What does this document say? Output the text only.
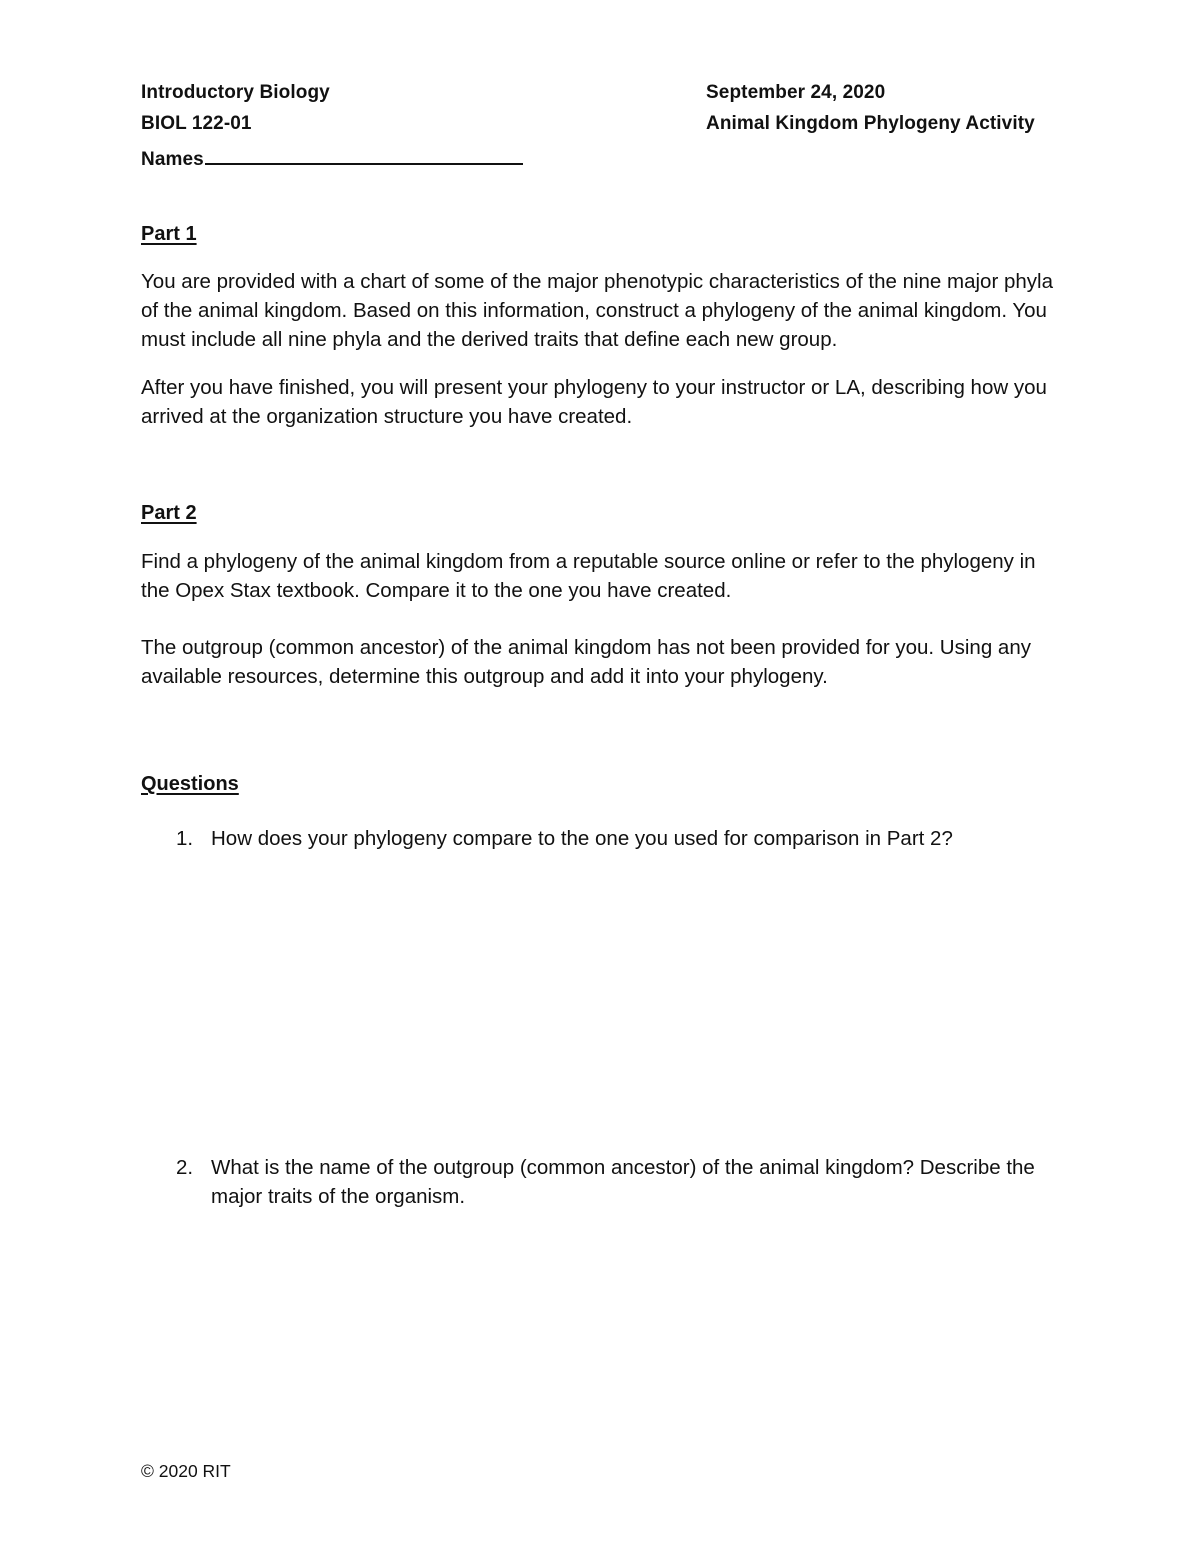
Introductory Biology
BIOL 122-01
Names
September 24, 2020
Animal Kingdom Phylogeny Activity
Part 1

You are provided with a chart of some of the major phenotypic characteristics of the nine major phyla of the animal kingdom. Based on this information, construct a phylogeny of the animal kingdom. You must include all nine phyla and the derived traits that define each new group.

After you have finished, you will present your phylogeny to your instructor or LA, describing how you arrived at the organization structure you have created.

Part 2

Find a phylogeny of the animal kingdom from a reputable source online or refer to the phylogeny in the Opex Stax textbook. Compare it to the one you have created.

The outgroup (common ancestor) of the animal kingdom has not been provided for you. Using any available resources, determine this outgroup and add it into your phylogeny.

Questions
1. How does your phylogeny compare to the one you used for comparison in Part 2?
2. What is the name of the outgroup (common ancestor) of the animal kingdom? Describe the major traits of the organism.
© 2020 RIT
